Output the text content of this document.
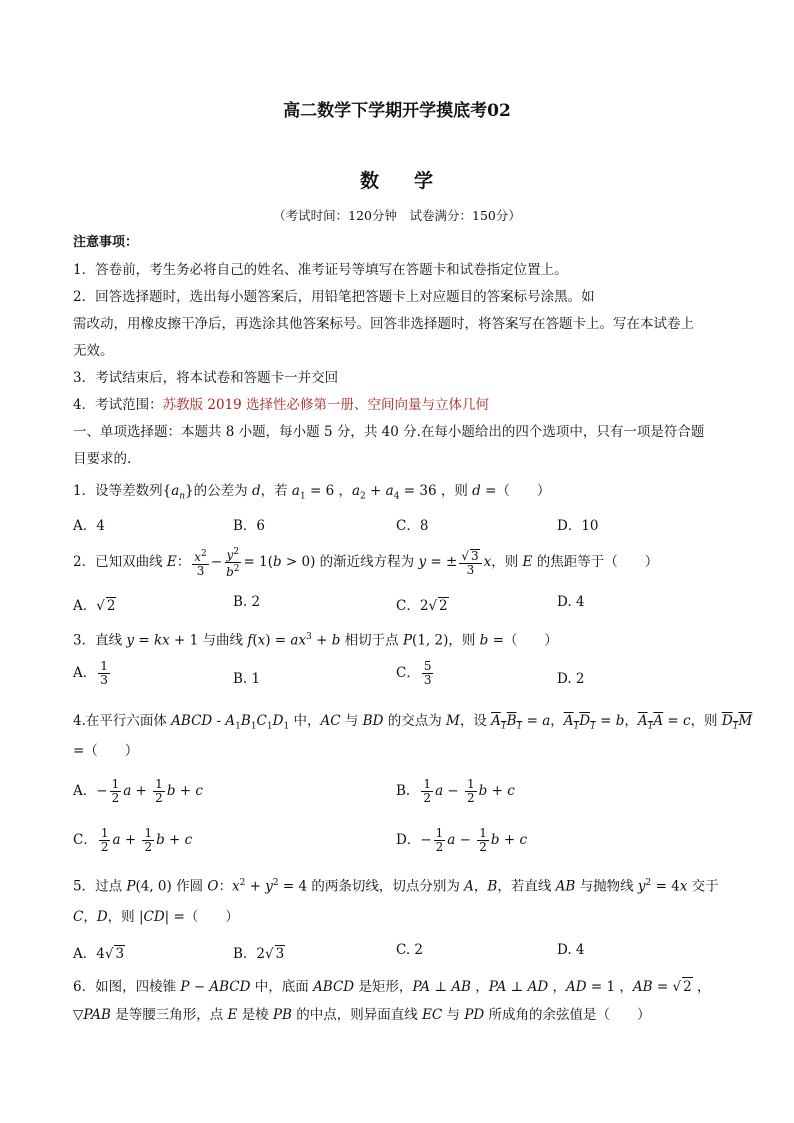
高二数学下学期开学摸底考02
数 学
（考试时间：120分钟　试卷满分：150分）
注意事项：
1．答卷前，考生务必将自己的姓名、准考证号等填写在答题卡和试卷指定位置上。
2．回答选择题时，选出每小题答案后，用铅笔把答题卡上对应题目的答案标号涂黑。如
需改动，用橡皮擦干净后，再选涂其他答案标号。回答非选择题时，将答案写在答题卡上。写在本试卷上
无效。
3．考试结束后，将本试卷和答题卡一并交回
4．考试范围：苏教版 2019 选择性必修第一册、空间向量与立体几何
一、单项选择题：本题共 8 小题，每小题 5 分，共 40 分.在每小题给出的四个选项中，只有一项是符合题
目要求的.
1．设等差数列$\{a_n\}$的公差为 d，若 $a_1 = 6$ ，$a_2 + a_4 = 36$ ，则 d =（　　）
A．4	B．6	C．8	D．10
2．已知双曲线 E： $\frac{x^2}{3} - \frac{y^2}{b^2} = 1(b > 0)$ 的渐近线方程为 y = ± $\frac{√ 3}{3}$ x，则 E 的焦距等于（　　）
A．√ 2	B. 2	C．2√ 2	D. 4
3．直线 y = kx + 1 与曲线 $f(x) = ax^3 + b$ 相切于点 P(1, 2)，则 b =（　　）
A． $\frac{1}{3}$	B. 1	C． $\frac{5}{3}$	D. 2
4.在平行六面体 ABCD - $A_1B_1C_1D_1$ 中，AC 与 BD 的交点为 M，设 $A_1B_1 = a$，$A_1D_1 = b$，$A_1A = c$，则 $D_1M$
=（　　）
A．− $\frac{1}{2}$ $a + \frac{1}{2}$ b + c	B． $\frac{1}{2}$ $a - \frac{1}{2}$ b + c
C． $\frac{1}{2}$ $a + \frac{1}{2}$ b + c	D．− $\frac{1}{2}$ $a - \frac{1}{2}$ b + c
5．过点 P(4, 0) 作圆 O：$x^2 + y^2 = 4$ 的两条切线，切点分别为 A，B，若直线 AB 与抛物线 $y^2 = 4x$ 交于
C，D，则 |CD| =（　　）
A．4√ 3	B．2√ 3	C. 2	D. 4
6．如图，四棱锥 P − ABCD 中，底面 ABCD 是矩形，PA ⊥ AB ，PA ⊥ AD ，AD = 1 ，AB = √ 2 ，
▽PAB 是等腰三角形，点 E 是棱 PB 的中点，则异面直线 EC 与 PD 所成角的余弦值是（　　）
